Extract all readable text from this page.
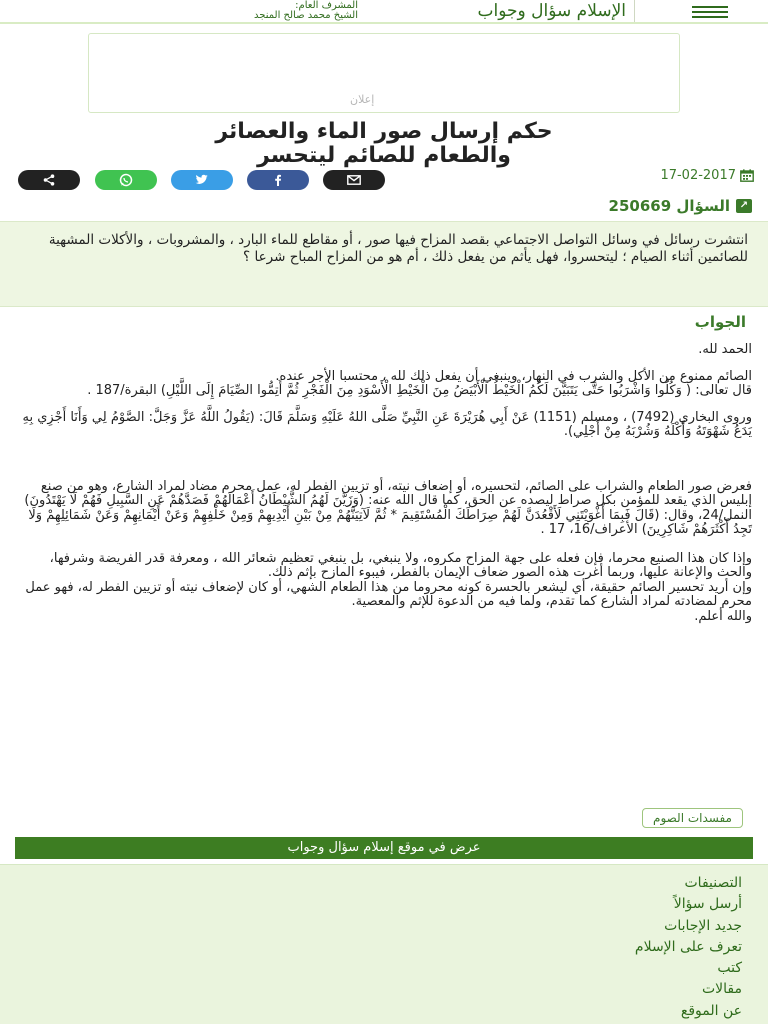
الإسلام سؤال وجواب
المشرف العام:
الشيخ محمد صالح المنجد
إعلان
حكم إرسال صور الماء والعصائر
والطعام للصائم ليتحسر
17-02-2017
↗
السؤال 250669

انتشرت رسائل في وسائل التواصل الاجتماعي بقصد المزاح فيها صور ، أو مقاطع للماء البارد ، والمشروبات ، والأكلات المشهية للصائمين أثناء الصيام ؛ ليتحسروا، فهل يأثم من يفعل ذلك ، أم هو من المزاح المباح شرعا ؟

الجواب

الحمد لله.

الصائم ممنوع من الأكل والشرب في النهار، وينبغي أن يفعل ذلك لله ، محتسبا الأجر عنده.

قال تعالى: ( وَكُلُوا وَاشْرَبُوا حَتَّى يَتَبَيَّنَ لَكُمُ الْخَيْطُ الْأَبْيَضُ مِنَ الْخَيْطِ الْأَسْوَدِ مِنَ الْفَجْرِ ثُمَّ أَتِمُّوا الصِّيَامَ إِلَى اللَّيْلِ) البقرة/187 .

وروى البخاري (7492) ، ومسلم (1151) عَنْ أَبِي هُرَيْرَةَ عَنِ النَّبِيِّ صَلَّى اللهُ عَلَيْهِ وَسَلَّمَ قَالَ: (يَقُولُ اللَّهُ عَزَّ وَجَلَّ: الصَّوْمُ لِي وَأَنَا أَجْزِي بِهِ يَدَعُ شَهْوَتَهُ وَأَكْلَهُ وَشُرْبَهُ مِنْ أَجْلِي).

فعرض صور الطعام والشراب على الصائم، لتحسيره، أو إضعاف نيته، أو تزيين الفطر له، عمل محرم مضاد لمراد الشارع، وهو من صنع إبليس الذي يقعد للمؤمن بكل صراط ليصده عن الحق، كما قال الله عنه: (وَزَيَّنَ لَهُمُ الشَّيْطَانُ أَعْمَالَهُمْ فَصَدَّهُمْ عَنِ السَّبِيلِ فَهُمْ لَا يَهْتَدُونَ) النمل/24، وقال: (قَالَ فَبِمَا أَغْوَيْتَنِي لَأَقْعُدَنَّ لَهُمْ صِرَاطَكَ الْمُسْتَقِيمَ * ثُمَّ لَآتِيَنَّهُمْ مِنْ بَيْنِ أَيْدِيهِمْ وَمِنْ خَلْفِهِمْ وَعَنْ أَيْمَانِهِمْ وَعَنْ شَمَائِلِهِمْ وَلَا تَجِدُ أَكْثَرَهُمْ شَاكِرِينَ) الأعراف/16، 17 .

وإذا كان هذا الصنيع محرما، فإن فعله على جهة المزاح مكروه، ولا ينبغي، بل ينبغي تعظيم شعائر الله ، ومعرفة قدر الفريضة وشرفها، والحث والإعانة عليها، وربما أغرت هذه الصور ضعاف الإيمان بالفطر، فيبوء المازح بإثم ذلك.

وإن أريد تحسير الصائم حقيقة، أي ليشعر بالحسرة كونه محروما من هذا الطعام الشهي، أو كان لإضعاف نيته أو تزيين الفطر له، فهو عمل محرم لمضادته لمراد الشارع كما تقدم، ولما فيه من الدعوة للإثم والمعصية.

والله أعلم.

مفسدات الصوم
عرض في موقع إسلام سؤال وجواب
التصنيفات
أرسل سؤالاً
جديد الإجابات
تعرف على الإسلام
كتب
مقالات
عن الموقع
